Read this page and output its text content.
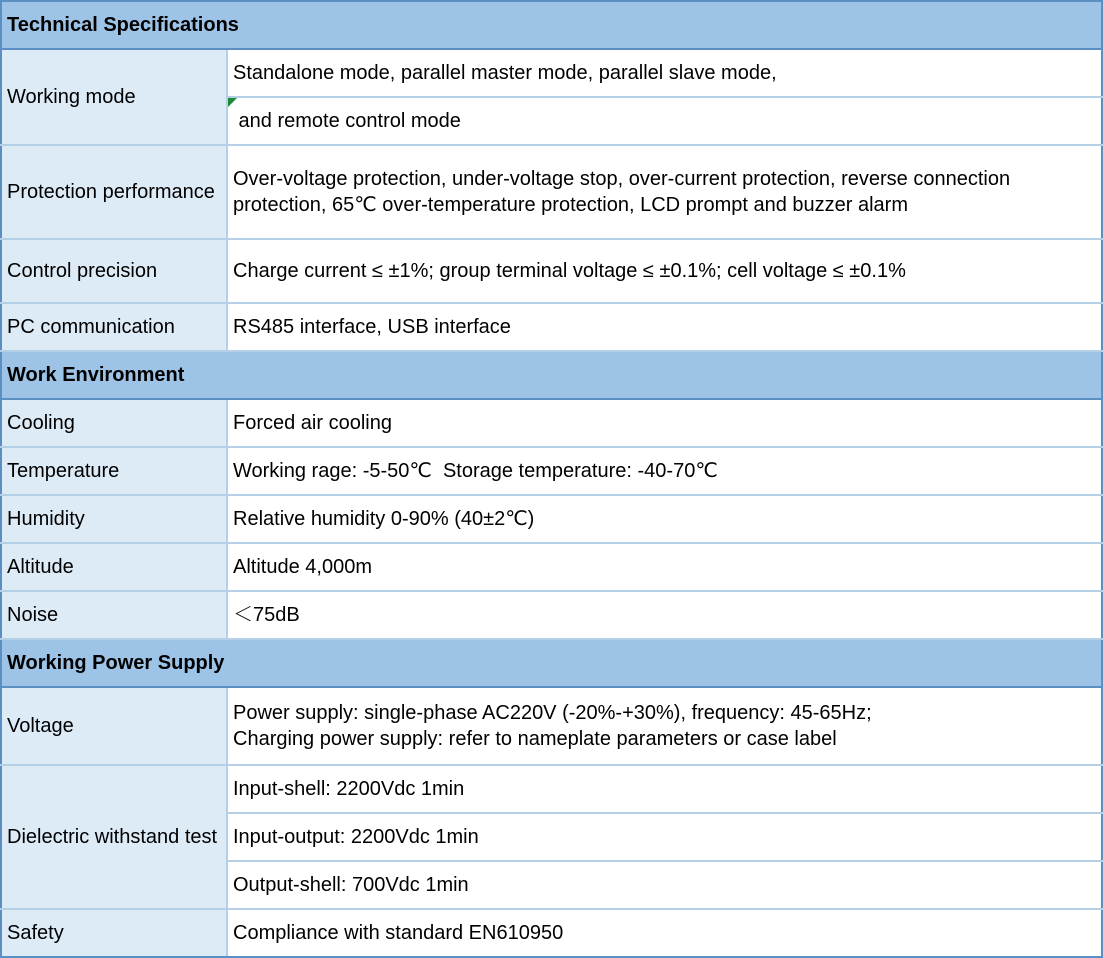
Technical Specifications	
Working mode	Standalone mode, parallel master mode, parallel slave mode,
	and remote control mode
Protection performance	Over-voltage protection, under-voltage stop, over-current protection, reverse connection protection, 65℃ over-temperature protection, LCD prompt and buzzer alarm
Control precision	Charge current ≤ ±1%; group terminal voltage ≤ ±0.1%; cell voltage ≤ ±0.1%
PC communication	RS485 interface, USB interface
Work Environment	
Cooling	Forced air cooling
Temperature	Working rage: -5-50℃  Storage temperature: -40-70℃
Humidity	Relative humidity 0-90% (40±2℃)
Altitude	Altitude 4,000m
Noise	＜75dB
Working Power Supply	
Voltage	Power supply: single-phase AC220V (-20%-+30%), frequency: 45-65Hz;
Charging power supply: refer to nameplate parameters or case label
Dielectric withstand test	Input-shell: 2200Vdc 1min
	Input-output: 2200Vdc 1min
	Output-shell: 700Vdc 1min
Safety	Compliance with standard EN610950
